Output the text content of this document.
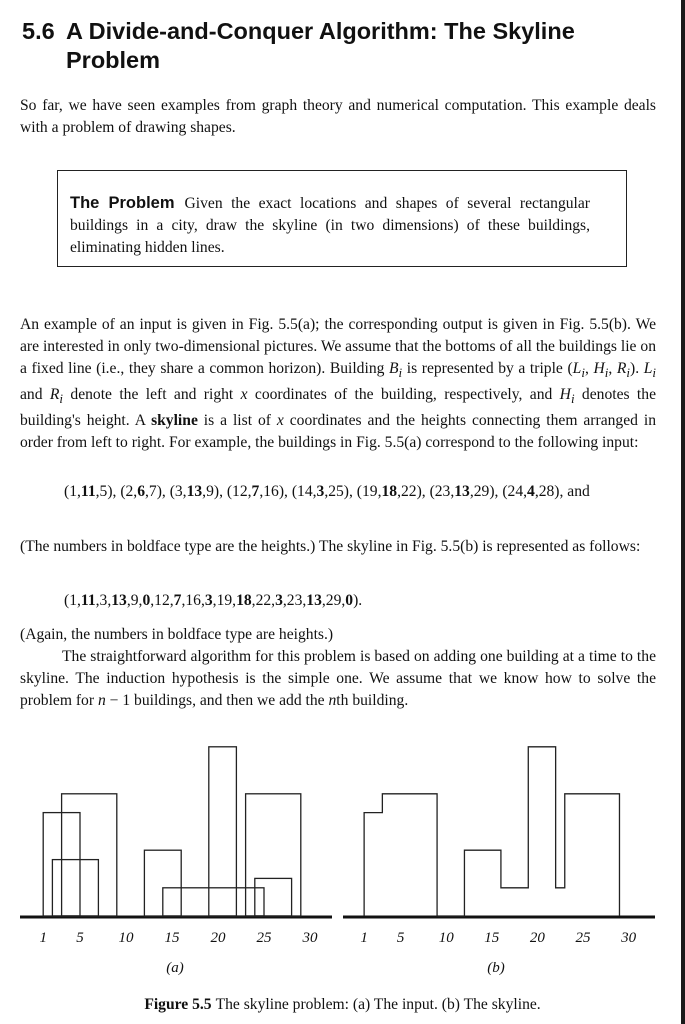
5.6 A Divide-and-Conquer Algorithm: The Skyline
Problem

So far, we have seen examples from graph theory and numerical computation. This example deals with a problem of drawing shapes.

The Problem Given the exact locations and shapes of several rectangular buildings in a city, draw the skyline (in two dimensions) of these buildings, eliminating hidden lines.

An example of an input is given in Fig. 5.5(a); the corresponding output is given in Fig. 5.5(b). We are interested in only two-dimensional pictures. We assume that the bottoms of all the buildings lie on a fixed line (i.e., they share a common horizon). Building $B_i$ is represented by a triple ($L_i$, $H_i$, $R_i$). $L_i$ and $R_i$ denote the left and right x coordinates of the building, respectively, and $H_i$ denotes the building's height. A skyline is a list of x coordinates and the heights connecting them arranged in order from left to right. For example, the buildings in Fig. 5.5(a) correspond to the following input:

(1,11,5), (2,6,7), (3,13,9), (12,7,16), (14,3,25), (19,18,22), (23,13,29), (24,4,28), and

(The numbers in boldface type are the heights.) The skyline in Fig. 5.5(b) is represented as follows:

(1,11,3,13,9,0,12,7,16,3,19,18,22,3,23,13,29,0).

(Again, the numbers in boldface type are heights.)

The straightforward algorithm for this problem is based on adding one building at a time to the skyline. The induction hypothesis is the simple one. We assume that we know how to solve the problem for n − 1 buildings, and then we add the nth building.

1 5 10 15 20 25 30
(a)
1 5 10 15 20 25 30
(b)
Figure 5.5 The skyline problem: (a) The input. (b) The skyline.
